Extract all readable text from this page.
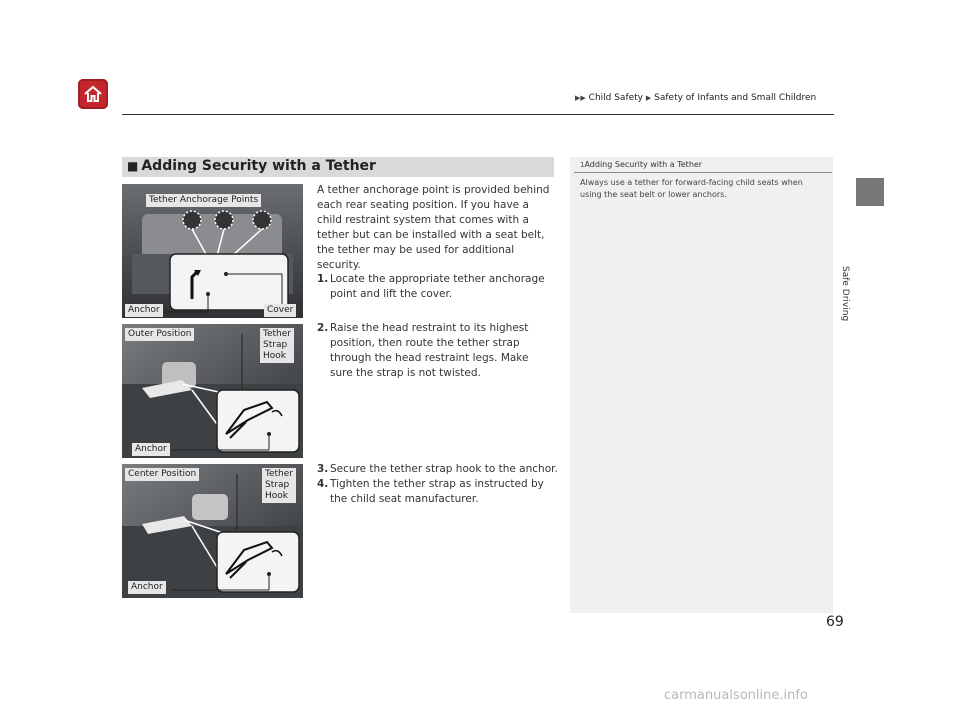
▶▶ Child Safety ▶ Safety of Infants and Small Children
Safe Driving
■ Adding Security with a Tether
Tether Anchorage Points
Anchor	Cover
Outer Position	Tether
Strap
Hook
Anchor
Center Position	Tether
Strap
Hook
Anchor
A tether anchorage point is provided behind each rear seating position. If you have a child restraint system that comes with a tether but can be installed with a seat belt, the tether may be used for additional security.
1. Locate the appropriate tether anchorage point and lift the cover.
2. Raise the head restraint to its highest position, then route the tether strap through the head restraint legs. Make sure the strap is not twisted.
3. Secure the tether strap hook to the anchor.
4. Tighten the tether strap as instructed by the child seat manufacturer.
1Adding Security with a Tether
Always use a tether for forward-facing child seats when using the seat belt or lower anchors.
69
carmanualsonline.info
